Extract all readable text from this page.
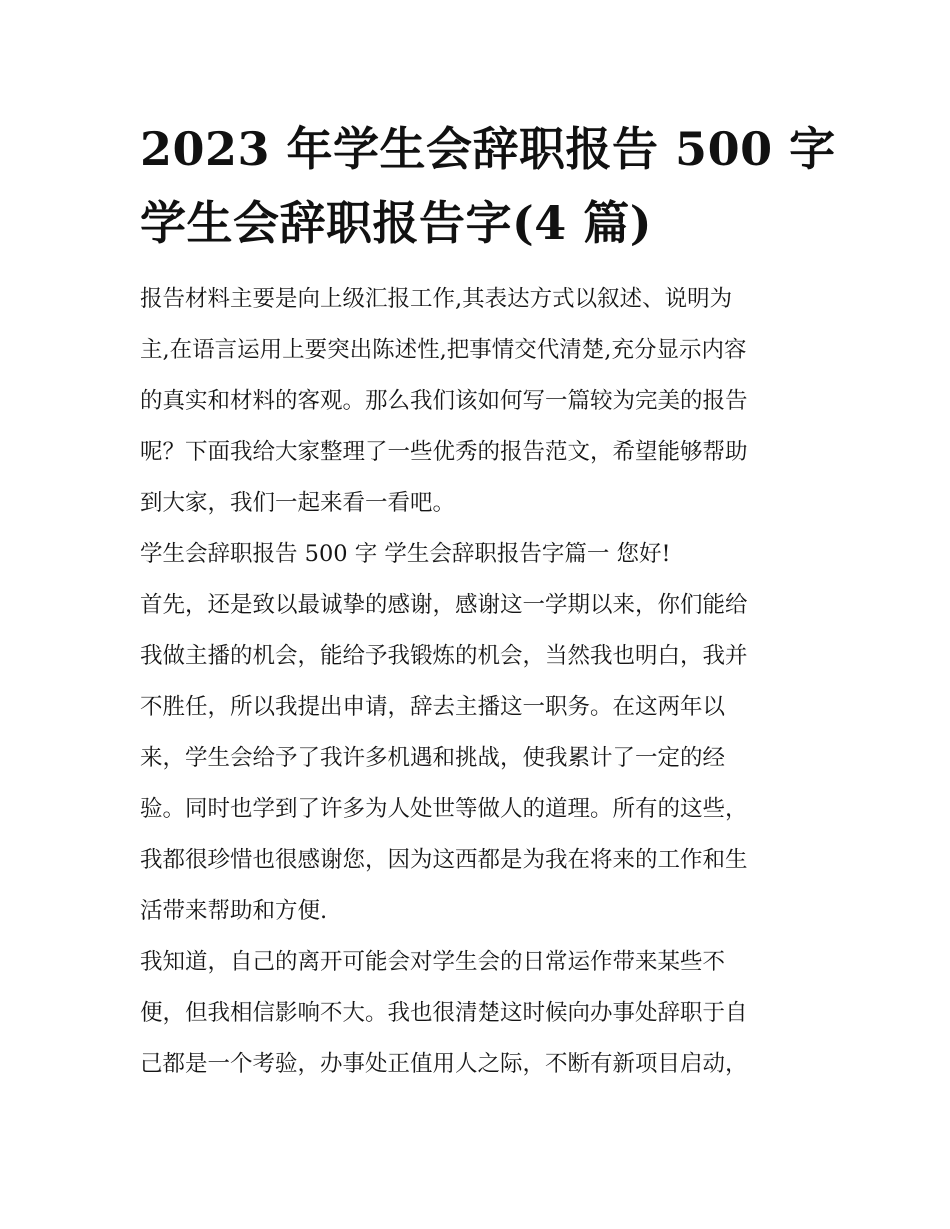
2023 年学生会辞职报告 500 字
学生会辞职报告字(4 篇)

报告材料主要是向上级汇报工作,其表达方式以叙述、说明为

主,在语言运用上要突出陈述性,把事情交代清楚,充分显示内容

的真实和材料的客观。那么我们该如何写一篇较为完美的报告

呢？下面我给大家整理了一些优秀的报告范文，希望能够帮助

到大家，我们一起来看一看吧。

学生会辞职报告 500 字 学生会辞职报告字篇一 您好!

首先，还是致以最诚挚的感谢，感谢这一学期以来，你们能给

我做主播的机会，能给予我锻炼的机会，当然我也明白，我并

不胜任，所以我提出申请，辞去主播这一职务。在这两年以

来，学生会给予了我许多机遇和挑战，使我累计了一定的经

验。同时也学到了许多为人处世等做人的道理。所有的这些，

我都很珍惜也很感谢您，因为这西都是为我在将来的工作和生

活带来帮助和方便.

我知道，自己的离开可能会对学生会的日常运作带来某些不

便，但我相信影响不大。我也很清楚这时候向办事处辞职于自

己都是一个考验，办事处正值用人之际，不断有新项目启动，
